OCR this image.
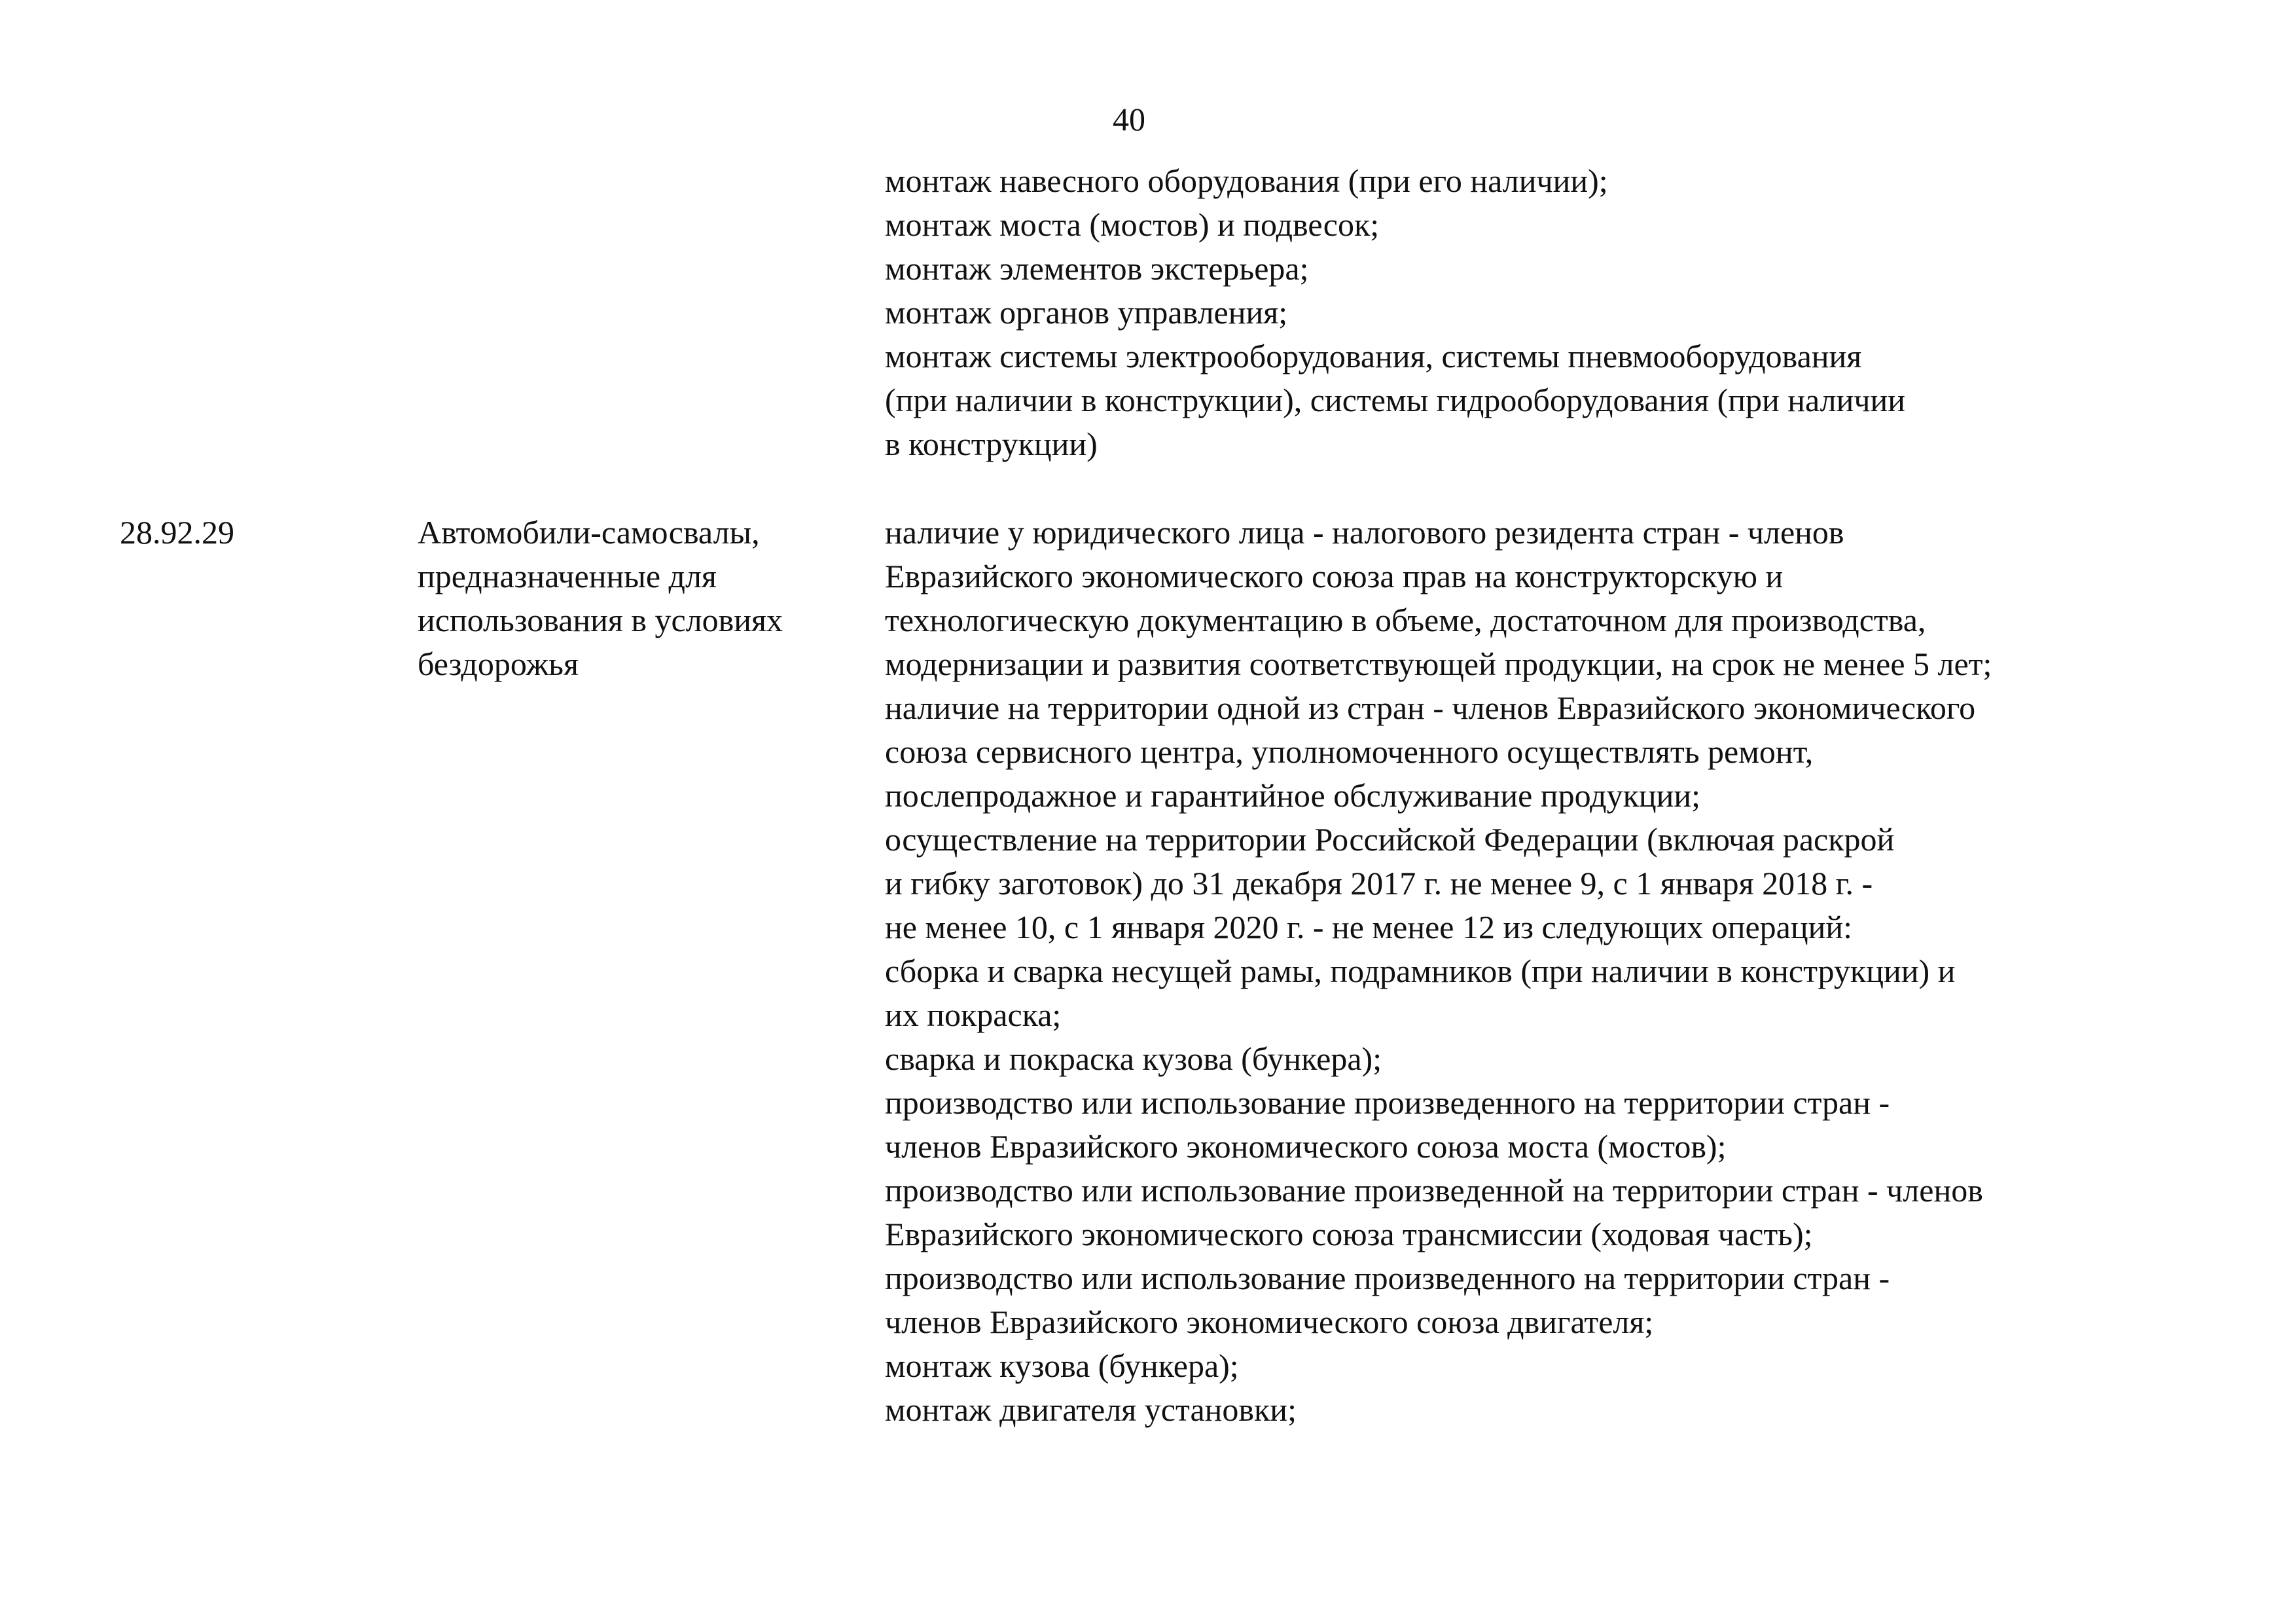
40
монтаж навесного оборудования (при его наличии);
монтаж моста (мостов) и подвесок;
монтаж элементов экстерьера;
монтаж органов управления;
монтаж системы электрооборудования, системы пневмооборудования
(при наличии в конструкции), системы гидрооборудования (при наличии
в конструкции)
28.92.29	Автомобили-самосвалы,
предназначенные для
использования в условиях
бездорожья
наличие у юридического лица - налогового резидента стран - членов
Евразийского экономического союза прав на конструкторскую и
технологическую документацию в объеме, достаточном для производства,
модернизации и развития соответствующей продукции, на срок не менее 5 лет;
наличие на территории одной из стран - членов Евразийского экономического
союза сервисного центра, уполномоченного осуществлять ремонт,
послепродажное и гарантийное обслуживание продукции;
осуществление на территории Российской Федерации (включая раскрой
и гибку заготовок) до 31 декабря 2017 г. не менее 9, с 1 января 2018 г. -
не менее 10, с 1 января 2020 г. - не менее 12 из следующих операций:
сборка и сварка несущей рамы, подрамников (при наличии в конструкции) и
их покраска;
сварка и покраска кузова (бункера);
производство или использование произведенного на территории стран -
членов Евразийского экономического союза моста (мостов);
производство или использование произведенной на территории стран - членов
Евразийского экономического союза трансмиссии (ходовая часть);
производство или использование произведенного на территории стран -
членов Евразийского экономического союза двигателя;
монтаж кузова (бункера);
монтаж двигателя установки;
